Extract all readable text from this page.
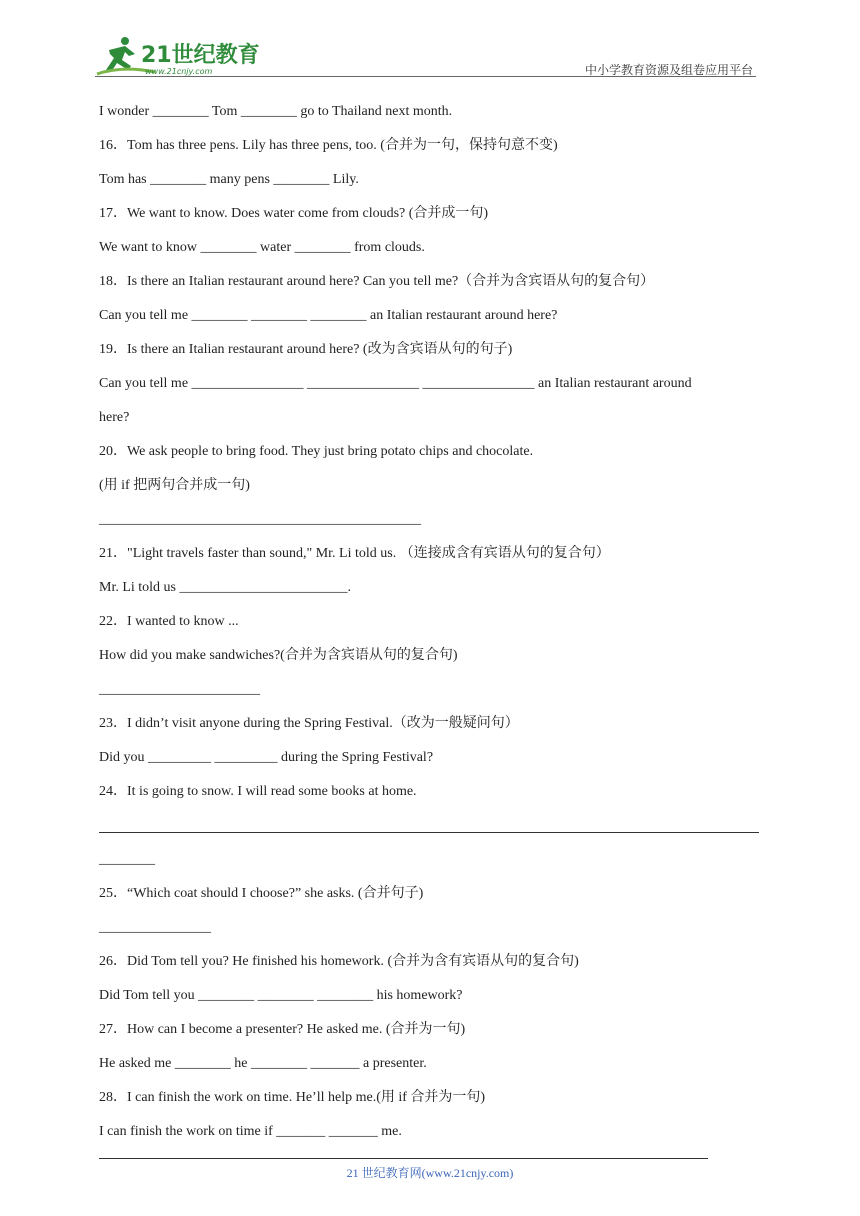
21世纪教育
www.21cnjy.com	中小学教育资源及组卷应用平台
I wonder ________ Tom ________ go to Thailand next month.
16．Tom has three pens. Lily has three pens, too. (合并为一句，保持句意不变)
Tom has ________ many pens ________ Lily.
17．We want to know. Does water come from clouds? (合并成一句)
We want to know ________ water ________ from clouds.
18．Is there an Italian restaurant around here? Can you tell me?（合并为含宾语从句的复合句）
Can you tell me ________ ________ ________ an Italian restaurant around here?
19．Is there an Italian restaurant around here? (改为含宾语从句的句子)
Can you tell me ________________ ________________ ________________ an Italian restaurant around
here?
20．We ask people to bring food. They just bring potato chips and chocolate.
(用 if 把两句合并成一句)
______________________________________________
21．"Light travels faster than sound," Mr. Li told us. （连接成含有宾语从句的复合句）
Mr. Li told us ________________________.
22．I wanted to know ...
How did you make sandwiches?(合并为含宾语从句的复合句)
_______________________
23．I didn’t visit anyone during the Spring Festival.（改为一般疑问句）
Did you _________ _________ during the Spring Festival?
24．It is going to snow. I will read some books at home.
________
25．“Which coat should I choose?” she asks. (合并句子)
________________
26．Did Tom tell you? He finished his homework. (合并为含有宾语从句的复合句)
Did Tom tell you ________ ________ ________ his homework?
27．How can I become a presenter? He asked me. (合并为一句)
He asked me ________ he ________ _______ a presenter.
28．I can finish the work on time. He’ll help me.(用 if 合并为一句)
I can finish the work on time if _______ _______ me.
21 世纪教育网(www.21cnjy.com)
